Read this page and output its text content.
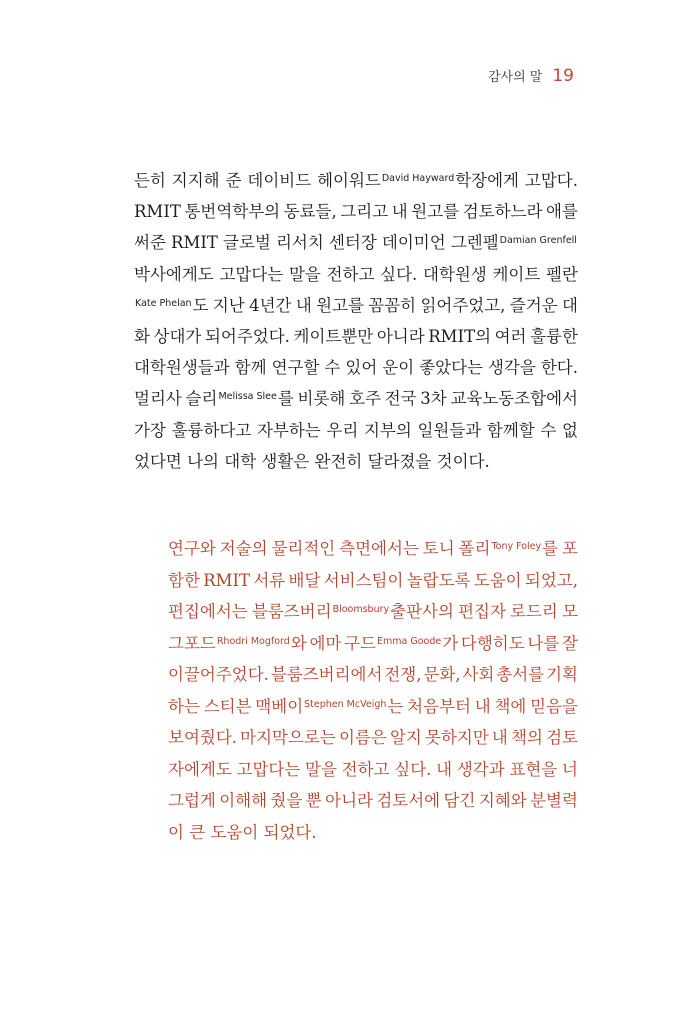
감사의 말 19
든히 지지해 준 데이비드 헤이워드$^{David Hayward}$학장에게 고맙다.
RMIT 통번역학부의 동료들, 그리고 내 원고를 검토하느라 애를
써준 RMIT 글로벌 리서치 센터장 데이미언 그렌펠$^{Damian Grenfell}$
박사에게도 고맙다는 말을 전하고 싶다. 대학원생 케이트 펠란
$^{Kate Phelan}$도 지난 4년간 내 원고를 꼼꼼히 읽어주었고, 즐거운 대
화 상대가 되어주었다. 케이트뿐만 아니라 RMIT의 여러 훌륭한
대학원생들과 함께 연구할 수 있어 운이 좋았다는 생각을 한다.
멀리사 슬리$^{Melissa Slee}$를 비롯해 호주 전국 3차 교육노동조합에서
가장 훌륭하다고 자부하는 우리 지부의 일원들과 함께할 수 없
었다면 나의 대학 생활은 완전히 달라졌을 것이다.
연구와 저술의 물리적인 측면에서는 토니 폴리$^{Tony Foley}$를 포
함한 RMIT 서류 배달 서비스팀이 놀랍도록 도움이 되었고,
편집에서는 블룸즈버리$^{Bloomsbury}$출판사의 편집자 로드리 모
그포드$^{Rhodri Mogford}$와 에마 구드$^{Emma Goode}$가 다행히도 나를 잘
이끌어주었다. 블룸즈버리에서 전쟁, 문화, 사회 총서를 기획
하는 스티븐 맥베이$^{Stephen McVeigh}$는 처음부터 내 책에 믿음을
보여줬다. 마지막으로는 이름은 알지 못하지만 내 책의 검토
자에게도 고맙다는 말을 전하고 싶다. 내 생각과 표현을 너
그럽게 이해해 줬을 뿐 아니라 검토서에 담긴 지혜와 분별력
이 큰 도움이 되었다.
